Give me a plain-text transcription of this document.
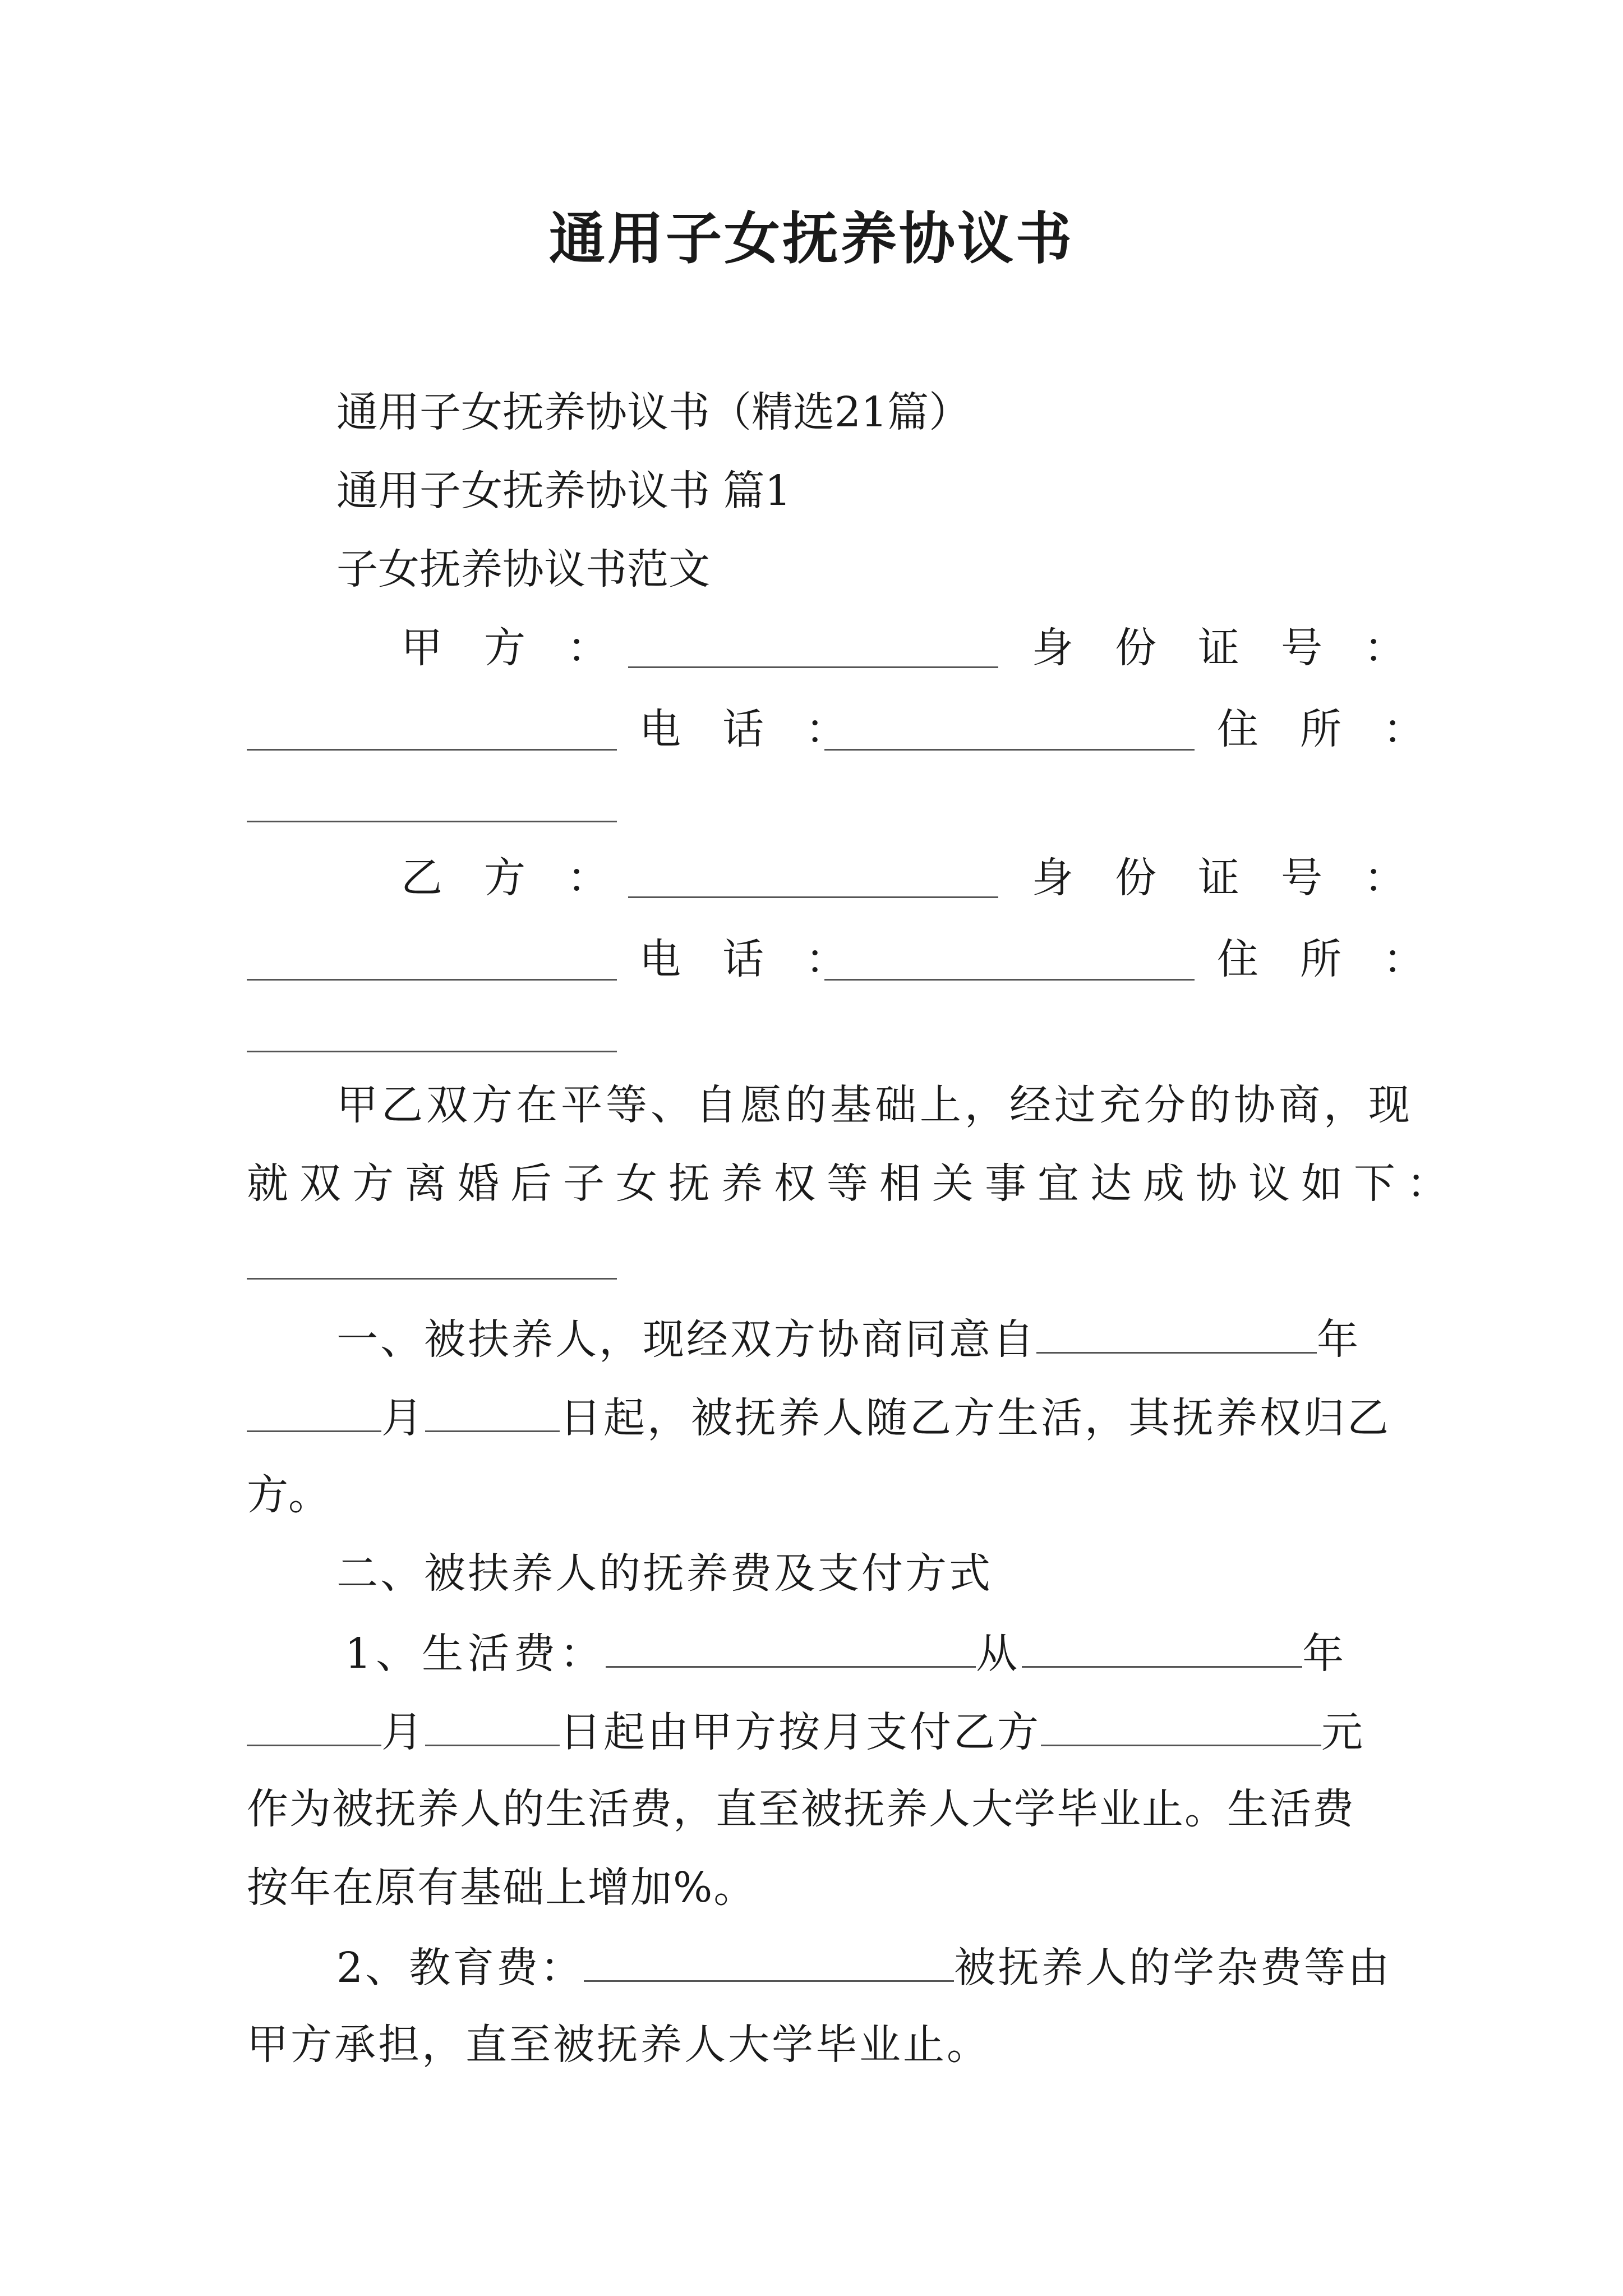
通用子女抚养协议书
通用子女抚养协议书（精选21篇）
通用子女抚养协议书 篇1
子女抚养协议书范文
甲　方　：	身　份　证　号　：
电　话　：	住　所　：
乙　方　：	身　份　证　号　：
电　话　：	住　所　：
甲乙双方在平等、自愿的基础上，经过充分的协商，现
就双方离婚后子女抚养权等相关事宜达成协议如下：
一、被扶养人，现经双方协商同意自	年
月	日起，被抚养人随乙方生活，其抚养权归乙
方。
二、被扶养人的抚养费及支付方式
1、生活费：	从	年
月	日起由甲方按月支付乙方	元
作为被抚养人的生活费，直至被抚养人大学毕业止。生活费
按年在原有基础上增加%。
2、教育费：	被抚养人的学杂费等由
甲方承担，直至被抚养人大学毕业止。
